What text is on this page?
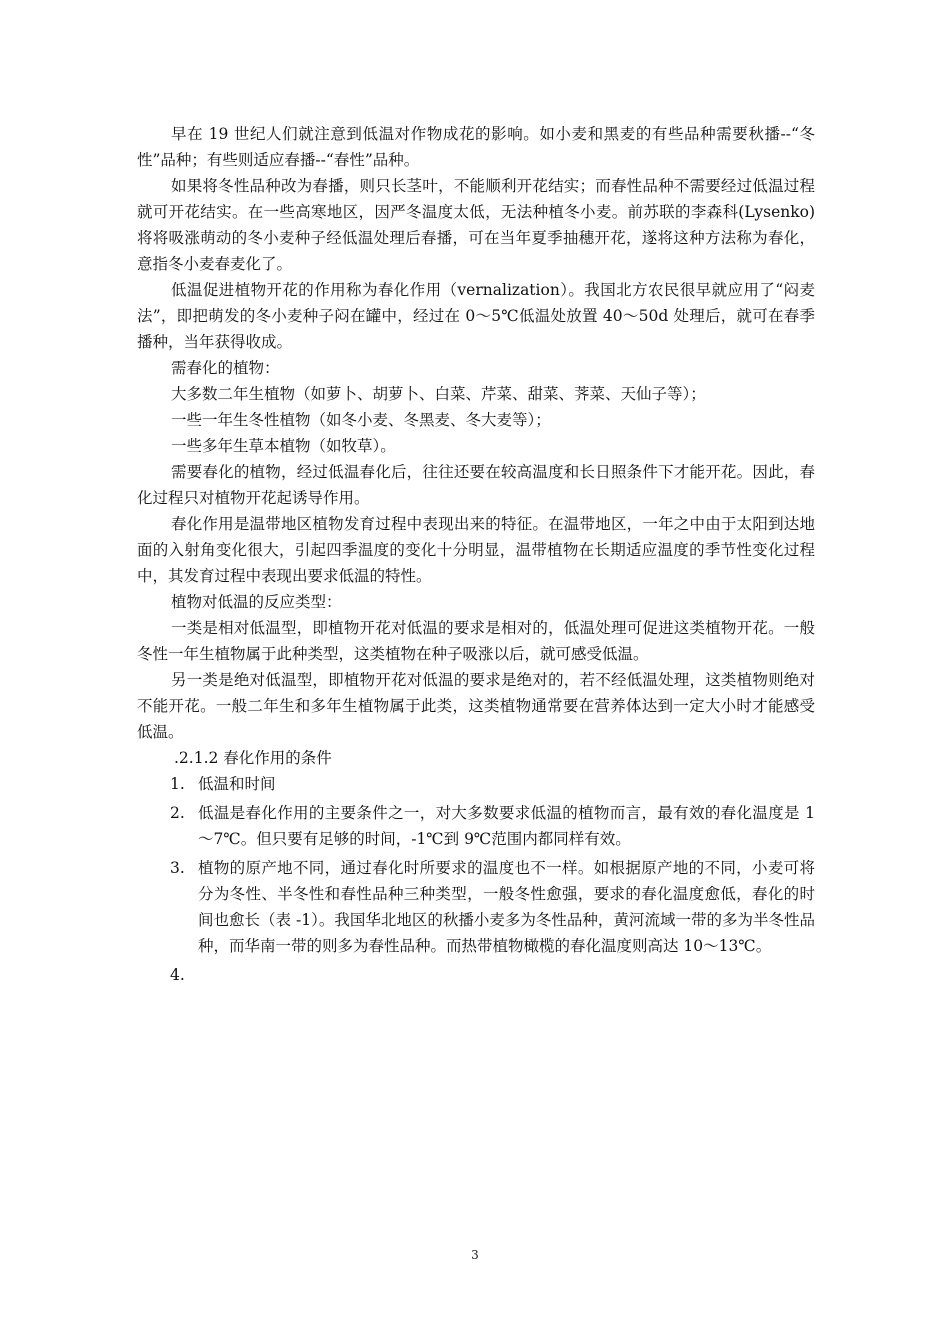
早在 19 世纪人们就注意到低温对作物成花的影响。如小麦和黑麦的有些品种需要秋播--“冬性”品种；有些则适应春播--“春性”品种。

如果将冬性品种改为春播，则只长茎叶，不能顺利开花结实；而春性品种不需要经过低温过程就可开花结实。在一些高寒地区，因严冬温度太低，无法种植冬小麦。前苏联的李森科(Lysenko) 将将吸涨萌动的冬小麦种子经低温处理后春播，可在当年夏季抽穗开花，遂将这种方法称为春化，意指冬小麦春麦化了。

低温促进植物开花的作用称为春化作用（vernalization）。我国北方农民很早就应用了“闷麦法”，即把萌发的冬小麦种子闷在罐中，经过在 0～5℃低温处放置 40～50d 处理后，就可在春季播种，当年获得收成。

需春化的植物：

大多数二年生植物（如萝卜、胡萝卜、白菜、芹菜、甜菜、荠菜、天仙子等）；

一些一年生冬性植物（如冬小麦、冬黑麦、冬大麦等）；

一些多年生草本植物（如牧草）。

需要春化的植物，经过低温春化后，往往还要在较高温度和长日照条件下才能开花。因此，春化过程只对植物开花起诱导作用。

春化作用是温带地区植物发育过程中表现出来的特征。在温带地区，一年之中由于太阳到达地面的入射角变化很大，引起四季温度的变化十分明显，温带植物在长期适应温度的季节性变化过程中，其发育过程中表现出要求低温的特性。

植物对低温的反应类型：

一类是相对低温型，即植物开花对低温的要求是相对的，低温处理可促进这类植物开花。一般冬性一年生植物属于此种类型，这类植物在种子吸涨以后，就可感受低温。

另一类是绝对低温型，即植物开花对低温的要求是绝对的，若不经低温处理，这类植物则绝对不能开花。一般二年生和多年生植物属于此类，这类植物通常要在营养体达到一定大小时才能感受低温。

.2.1.2 春化作用的条件

1. 低温和时间
2. 低温是春化作用的主要条件之一，对大多数要求低温的植物而言，最有效的春化温度是 1～7℃。但只要有足够的时间，-1℃到 9℃范围内都同样有效。
3. 植物的原产地不同，通过春化时所要求的温度也不一样。如根据原产地的不同，小麦可将分为冬性、半冬性和春性品种三种类型，一般冬性愈强，要求的春化温度愈低，春化的时间也愈长（表 -1）。我国华北地区的秋播小麦多为冬性品种，黄河流域一带的多为半冬性品种，而华南一带的则多为春性品种。而热带植物橄榄的春化温度则高达 10～13℃。
4.
3
